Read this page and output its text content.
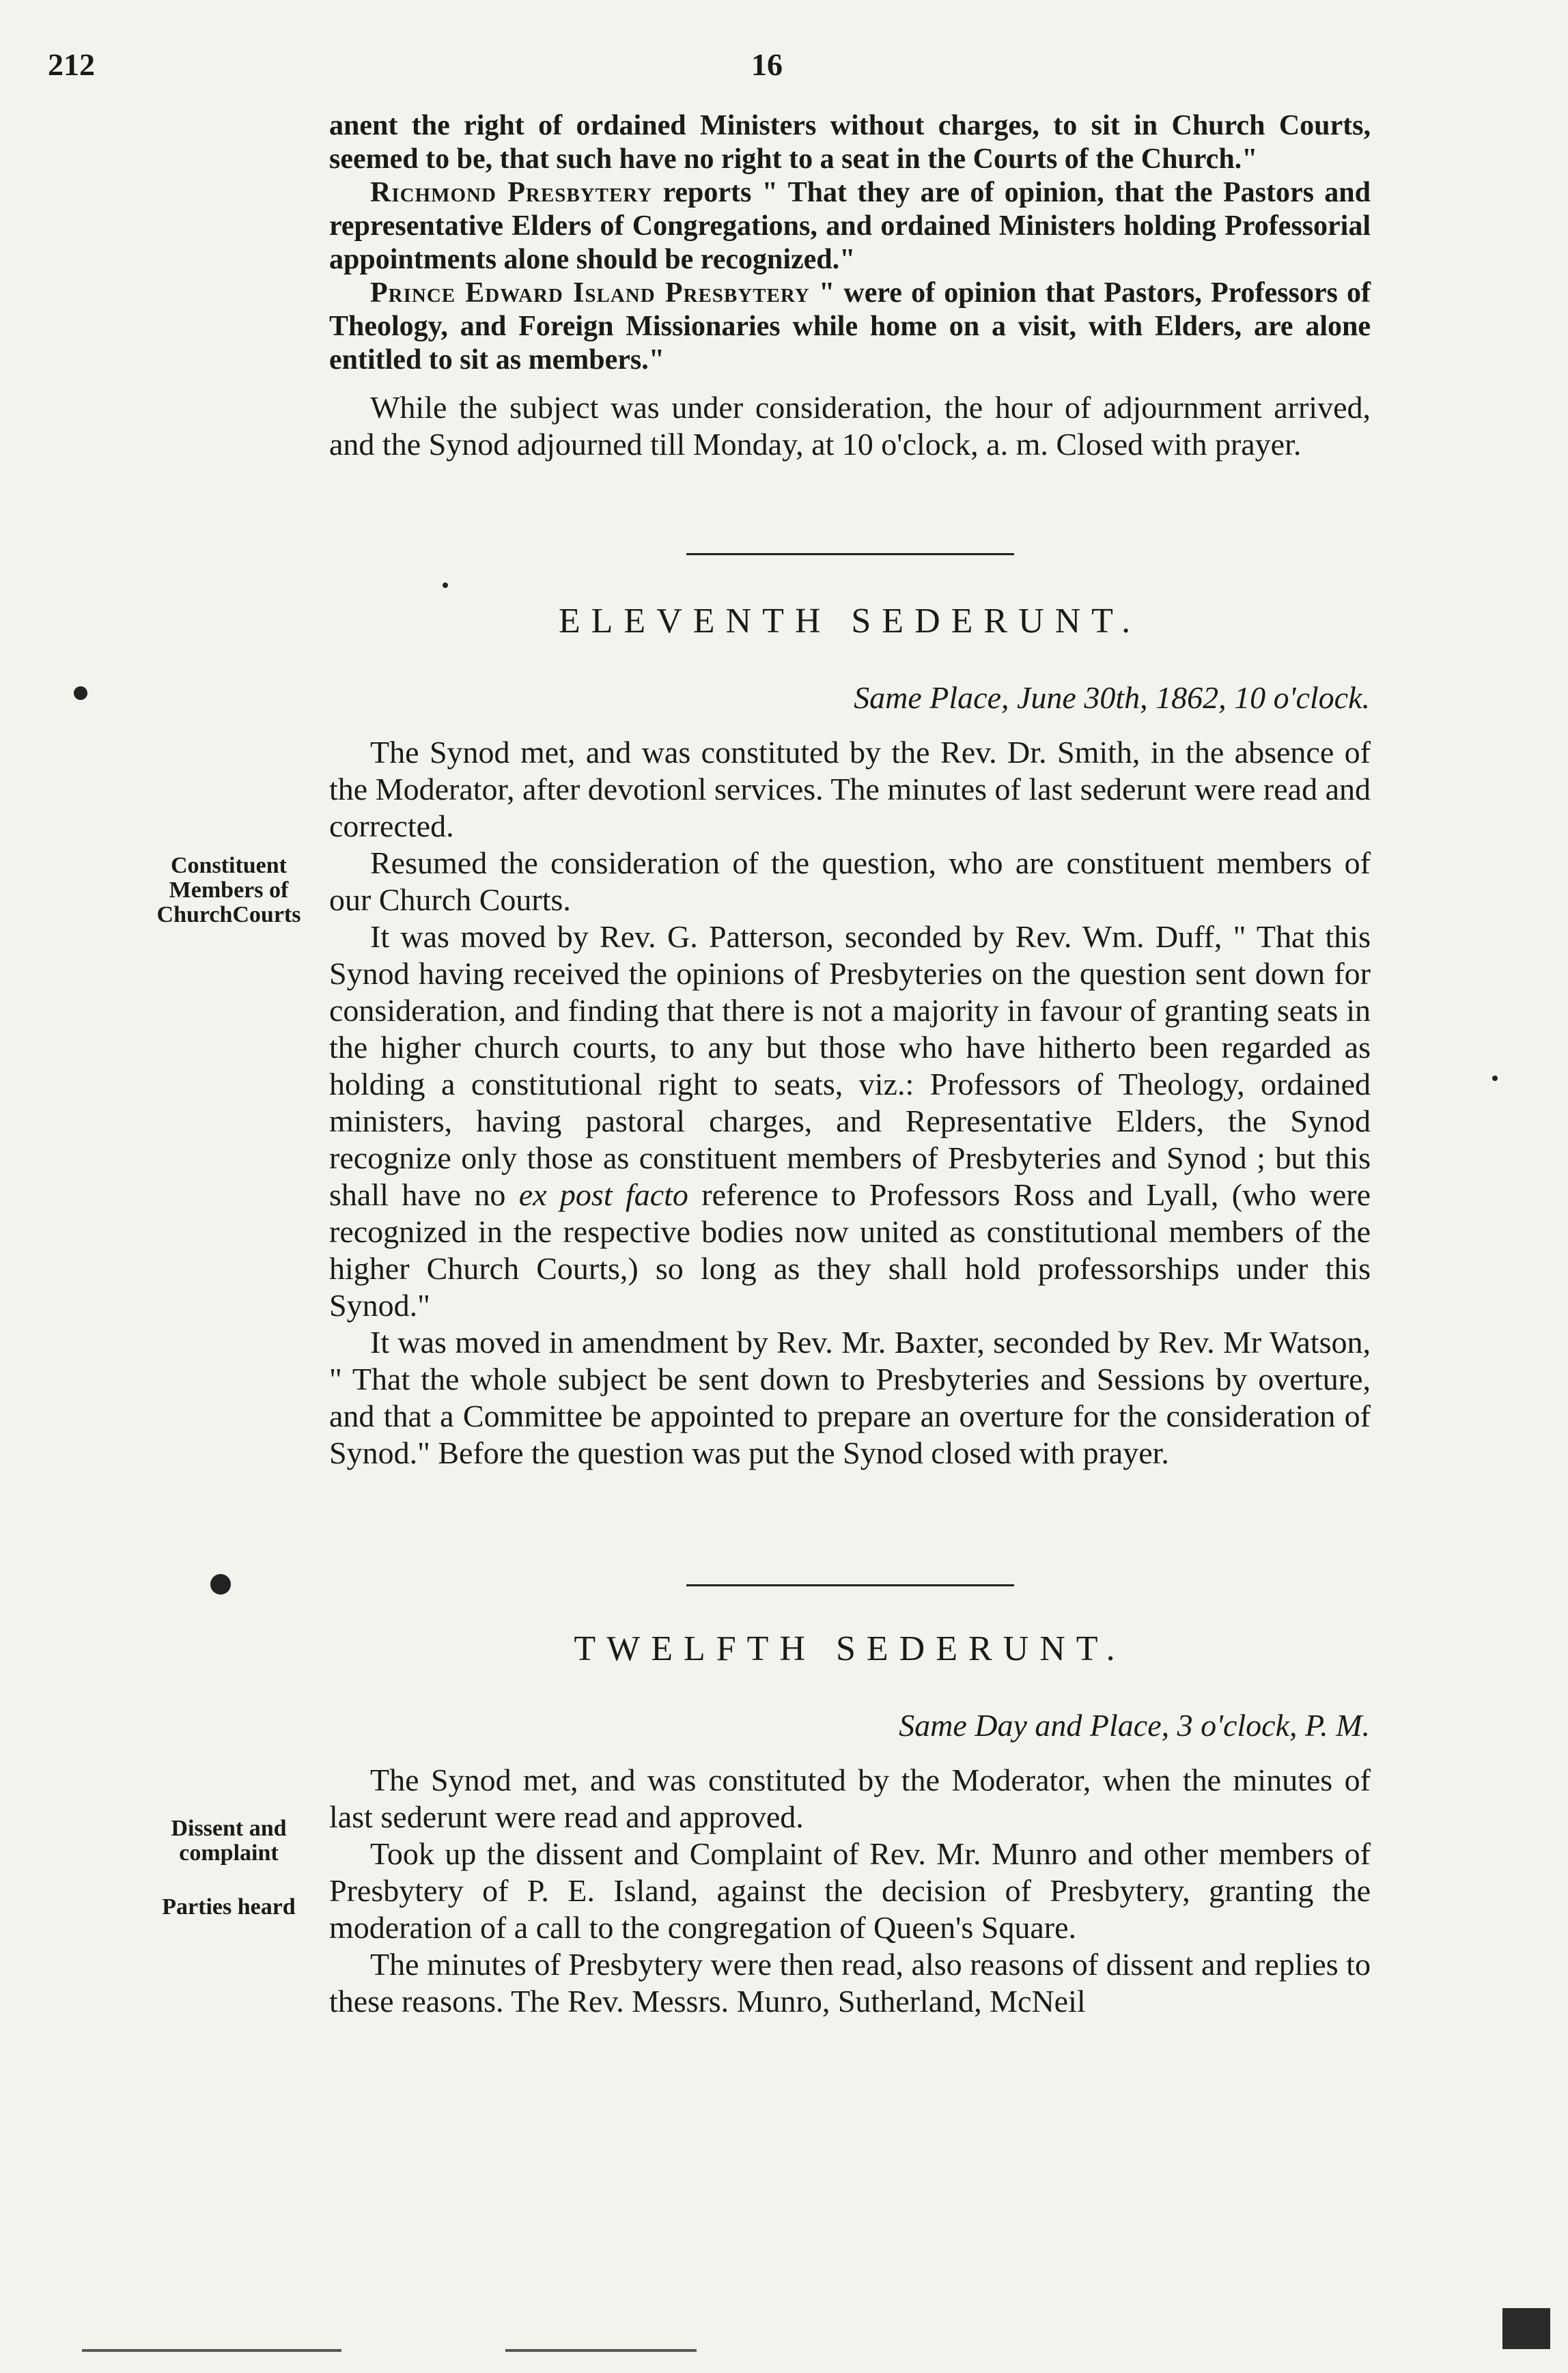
212	16

anent the right of ordained Ministers without charges, to sit in Church Courts, seemed to be, that such have no right to a seat in the Courts of the Church."

Richmond Presbytery reports " That they are of opinion, that the Pastors and representative Elders of Congregations, and ordained Ministers holding Professorial appointments alone should be recognized."

Prince Edward Island Presbytery " were of opinion that Pastors, Professors of Theology, and Foreign Missionaries while home on a visit, with Elders, are alone entitled to sit as members."

While the subject was under consideration, the hour of adjournment arrived, and the Synod adjourned till Monday, at 10 o'clock, a. m. Closed with prayer.

ELEVENTH SEDERUNT.
Same Place, June 30th, 1862, 10 o'clock.
Constituent Members of ChurchCourts

The Synod met, and was constituted by the Rev. Dr. Smith, in the absence of the Moderator, after devotionl services. The minutes of last sederunt were read and corrected.

Resumed the consideration of the question, who are constituent members of our Church Courts.

It was moved by Rev. G. Patterson, seconded by Rev. Wm. Duff, " That this Synod having received the opinions of Presbyteries on the question sent down for consideration, and finding that there is not a majority in favour of granting seats in the higher church courts, to any but those who have hitherto been regarded as holding a constitutional right to seats, viz.: Professors of Theology, ordained ministers, having pastoral charges, and Representative Elders, the Synod recognize only those as constituent members of Presbyteries and Synod ; but this shall have no ex post facto reference to Professors Ross and Lyall, (who were recognized in the respective bodies now united as constitutional members of the higher Church Courts,) so long as they shall hold professorships under this Synod."

It was moved in amendment by Rev. Mr. Baxter, seconded by Rev. Mr Watson, " That the whole subject be sent down to Presbyteries and Sessions by overture, and that a Committee be appointed to prepare an overture for the consideration of Synod." Before the question was put the Synod closed with prayer.

TWELFTH SEDERUNT.
Same Day and Place, 3 o'clock, P. M.
Dissent and complaint
Parties heard

The Synod met, and was constituted by the Moderator, when the minutes of last sederunt were read and approved.

Took up the dissent and Complaint of Rev. Mr. Munro and other members of Presbytery of P. E. Island, against the decision of Presbytery, granting the moderation of a call to the congregation of Queen's Square.

The minutes of Presbytery were then read, also reasons of dissent and replies to these reasons. The Rev. Messrs. Munro, Sutherland, McNeil
